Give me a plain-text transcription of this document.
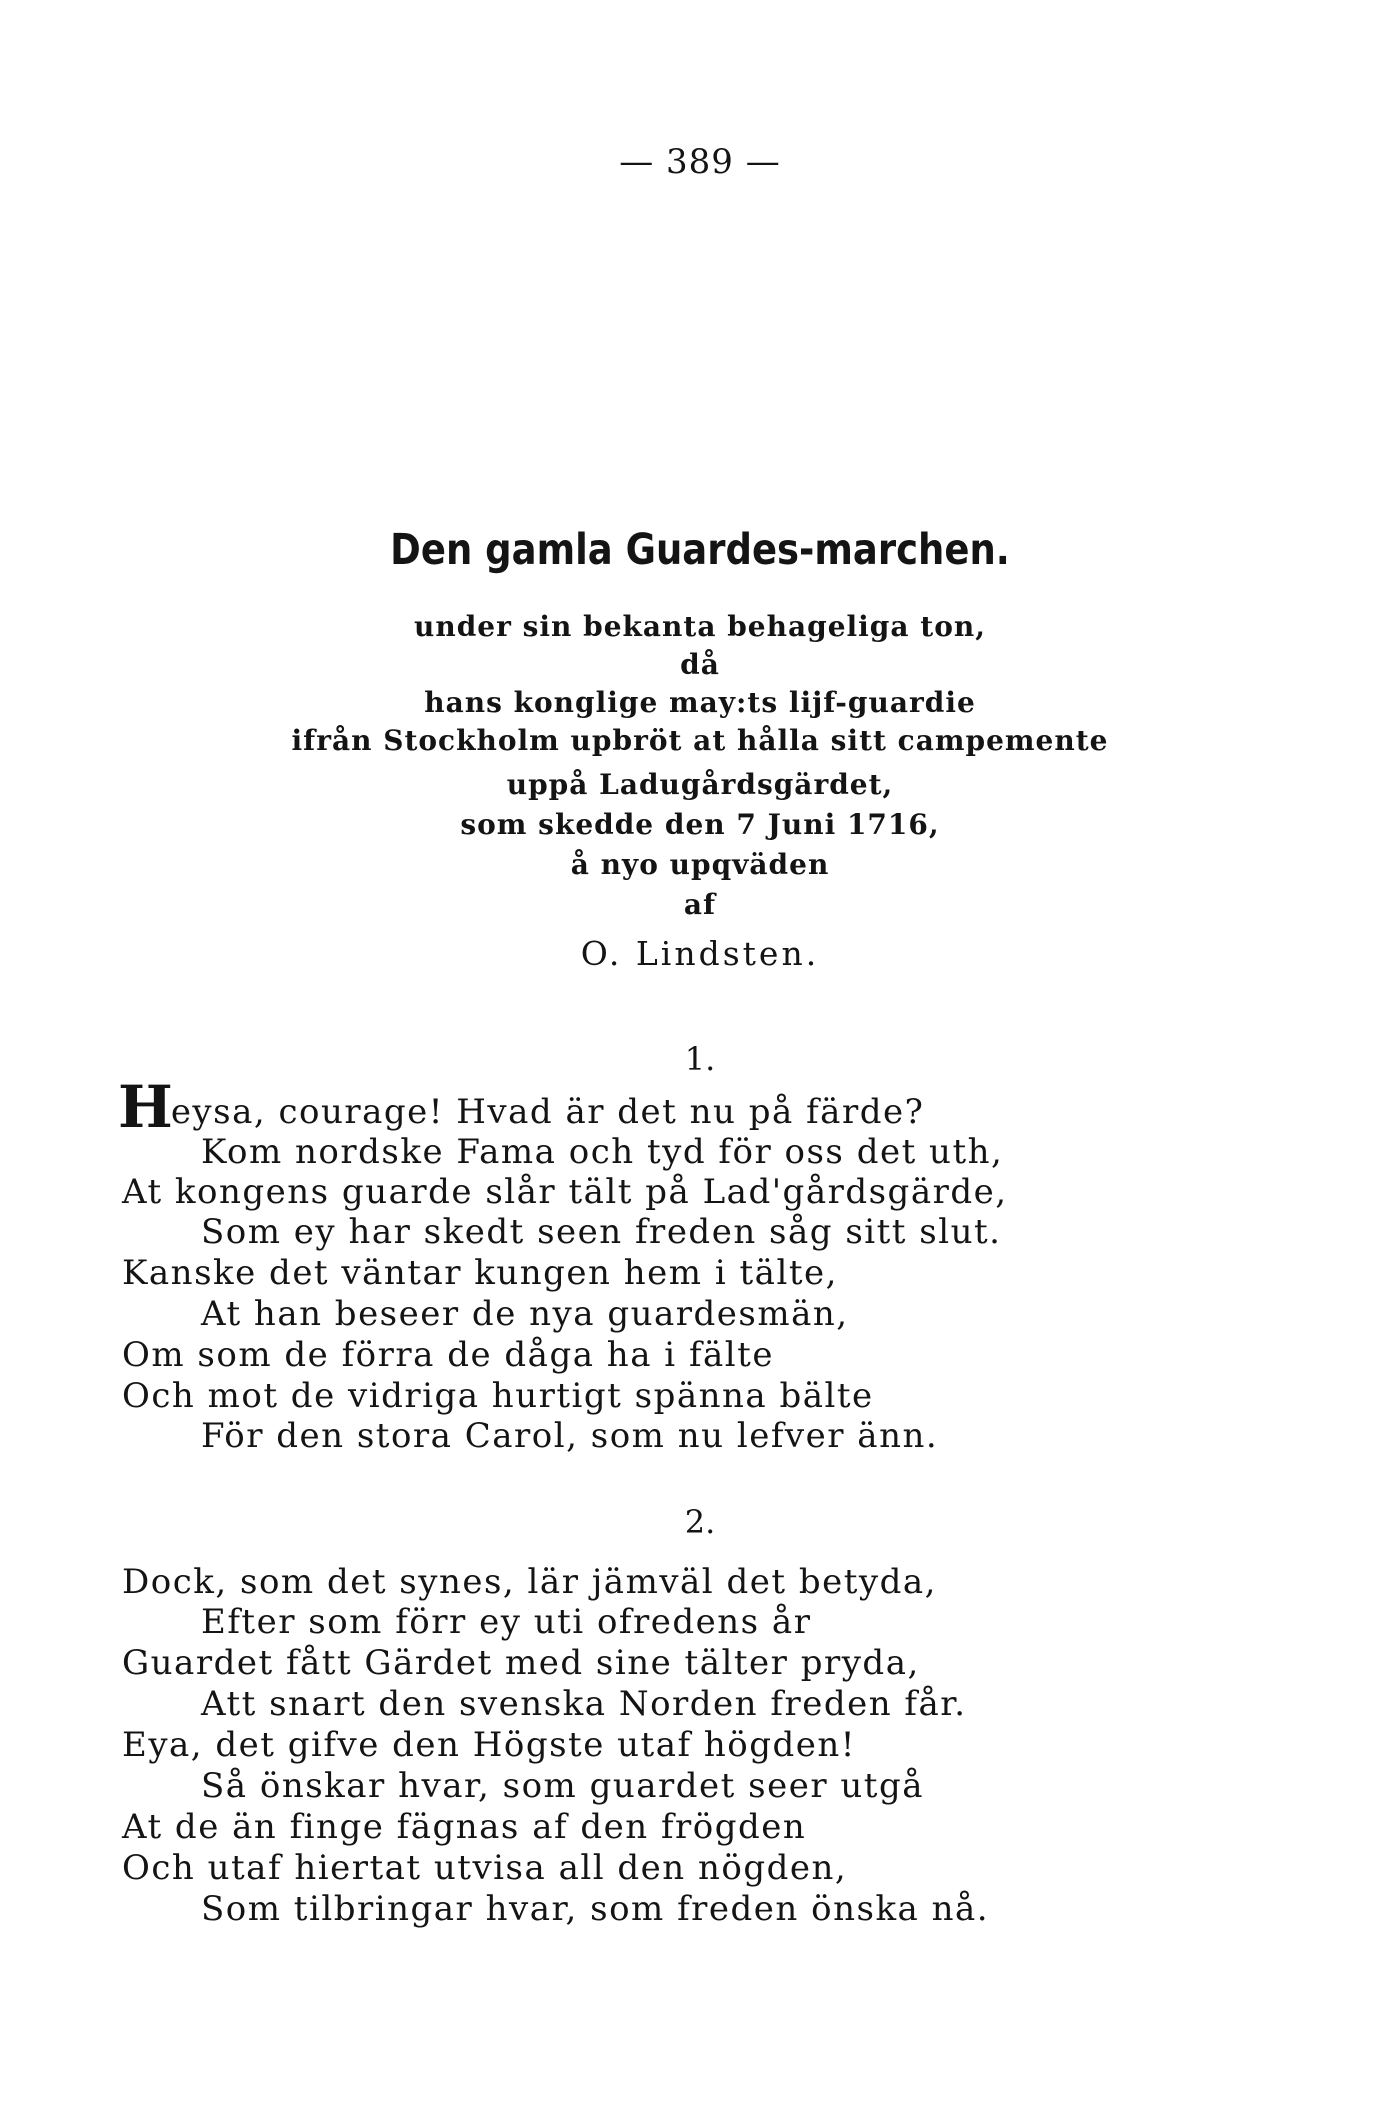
— 389 —
Den gamla Guardes-marchen.
under sin bekanta behageliga ton,
då
hans konglige may:ts lijf-guardie
ifrån Stockholm upbröt at hålla sitt campemente
uppå Ladugårdsgärdet,
som skedde den 7 Juni 1716,
å nyo upqväden
af
O. Lindsten.
1.
Heysa, courage! Hvad är det nu på färde?
Kom nordske Fama och tyd för oss det uth,
At kongens guarde slår tält på Lad'gårdsgärde,
Som ey har skedt seen freden såg sitt slut.
Kanske det väntar kungen hem i tälte,
At han beseer de nya guardesmän,
Om som de förra de dåga ha i fälte
Och mot de vidriga hurtigt spänna bälte
För den stora Carol, som nu lefver änn.
2.
Dock, som det synes, lär jämväl det betyda,
Efter som förr ey uti ofredens år
Guardet fått Gärdet med sine tälter pryda,
Att snart den svenska Norden freden får.
Eya, det gifve den Högste utaf högden!
Så önskar hvar, som guardet seer utgå
At de än finge fägnas af den frögden
Och utaf hiertat utvisa all den nögden,
Som tilbringar hvar, som freden önska nå.
